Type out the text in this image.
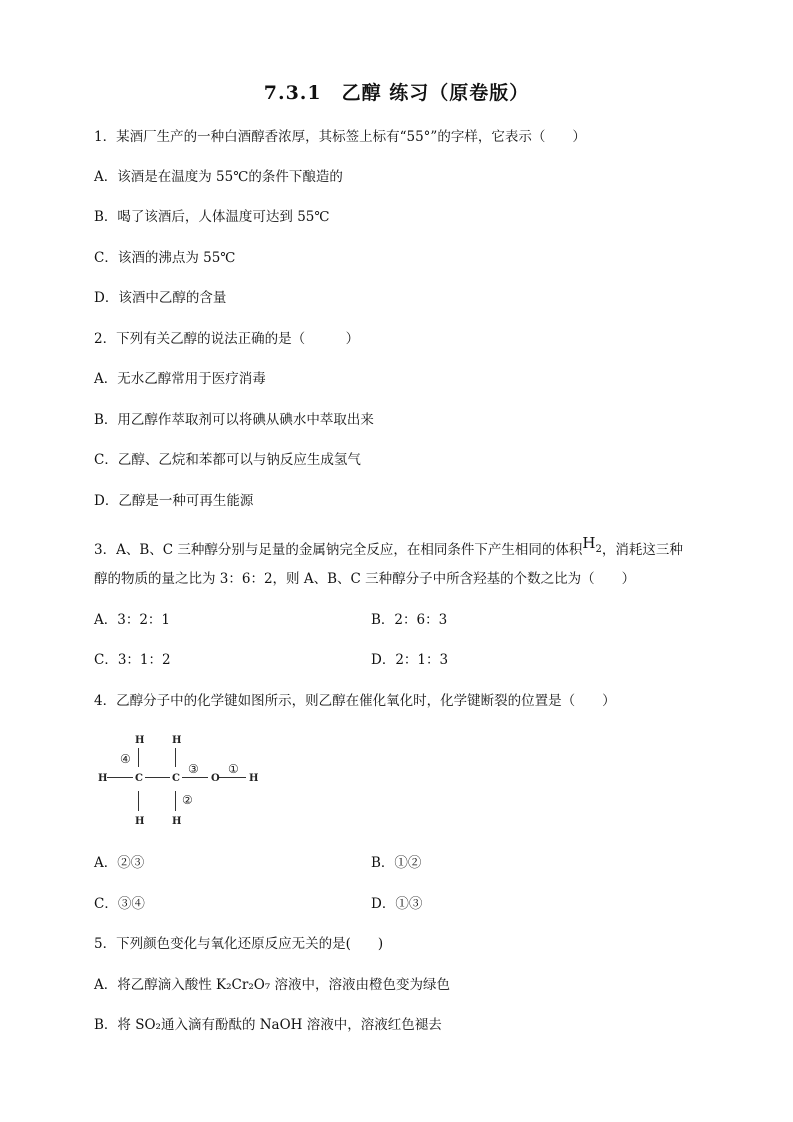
7.3.1　乙醇 练习（原卷版）
1．某酒厂生产的一种白酒醇香浓厚，其标签上标有“55°”的字样，它表示（　　）
A．该酒是在温度为 55℃的条件下酿造的
B．喝了该酒后，人体温度可达到 55℃
C．该酒的沸点为 55℃
D．该酒中乙醇的含量
2．下列有关乙醇的说法正确的是（　　　）
A．无水乙醇常用于医疗消毒
B．用乙醇作萃取剂可以将碘从碘水中萃取出来
C．乙醇、乙烷和苯都可以与钠反应生成氢气
D．乙醇是一种可再生能源
3．A、B、C 三种醇分别与足量的金属钠完全反应，在相同条件下产生相同的体积$H_2$，消耗这三种
醇的物质的量之比为 3：6：2，则 A、B、C 三种醇分子中所含羟基的个数之比为（　　）
A．3：2：1	B．2：6：3
C．3：1：2	D．2：1：3
4．乙醇分子中的化学键如图所示，则乙醇在催化氧化时，化学键断裂的位置是（　　）
H	H
H	C	C	O	H
H	H
④
③ ①
②
A．②③	B．①②
C．③④	D．①③
5．下列颜色变化与氧化还原反应无关的是(　　)
A．将乙醇滴入酸性 K₂Cr₂O₇ 溶液中，溶液由橙色变为绿色
B．将 SO₂通入滴有酚酞的 NaOH 溶液中，溶液红色褪去
